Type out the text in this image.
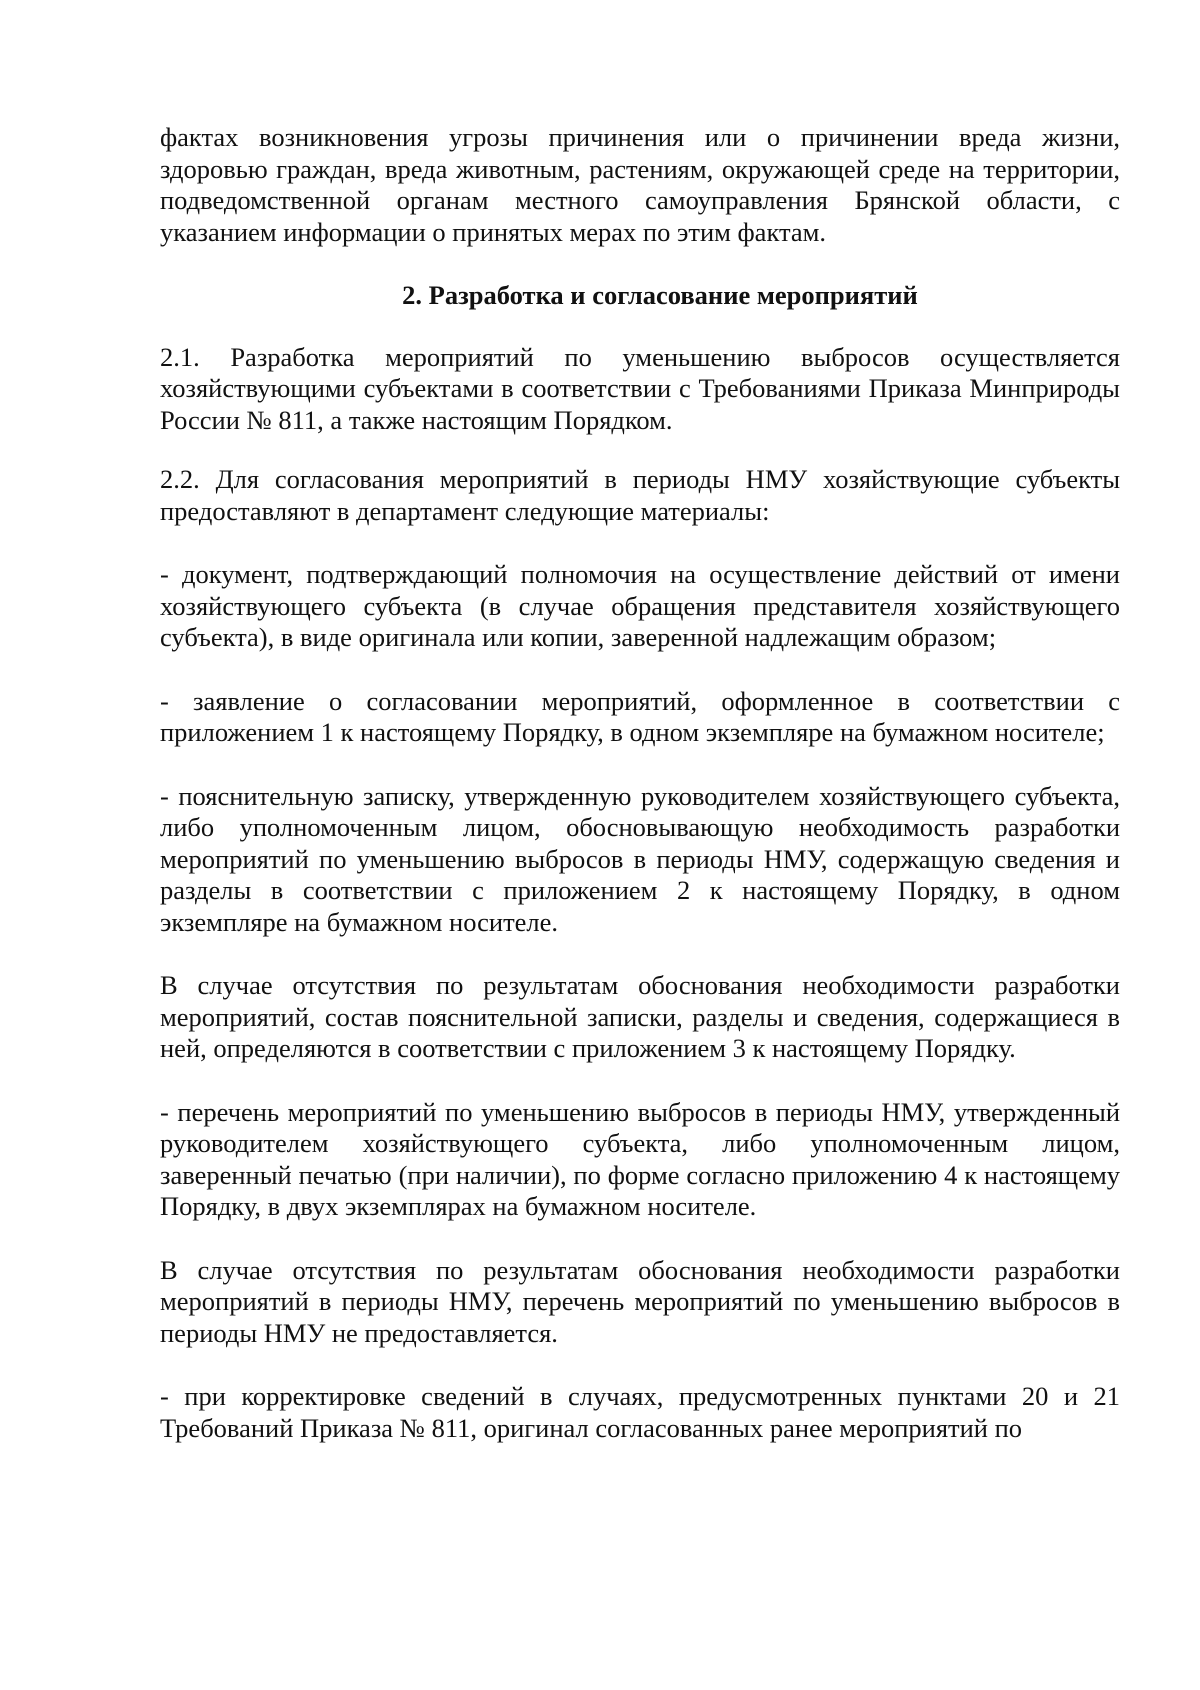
фактах возникновения угрозы причинения или о причинении вреда жизни, здоровью граждан, вреда животным, растениям, окружающей среде на территории, подведомственной органам местного самоуправления Брянской области, с указанием информации о принятых мерах по этим фактам.

2. Разработка и согласование мероприятий

2.1. Разработка мероприятий по уменьшению выбросов осуществляется хозяйствующими субъектами в соответствии с Требованиями Приказа Минприроды России № 811, а также настоящим Порядком.

2.2. Для согласования мероприятий в периоды НМУ хозяйствующие субъекты предоставляют в департамент следующие материалы:

- документ, подтверждающий полномочия на осуществление действий от имени хозяйствующего субъекта (в случае обращения представителя хозяйствующего субъекта), в виде оригинала или копии, заверенной надлежащим образом;

- заявление о согласовании мероприятий, оформленное в соответствии с приложением 1 к настоящему Порядку, в одном экземпляре на бумажном носителе;

- пояснительную записку, утвержденную руководителем хозяйствующего субъекта, либо уполномоченным лицом, обосновывающую необходимость разработки мероприятий по уменьшению выбросов в периоды НМУ, содержащую сведения и разделы в соответствии с приложением 2 к настоящему Порядку, в одном экземпляре на бумажном носителе.

В случае отсутствия по результатам обоснования необходимости разработки мероприятий, состав пояснительной записки, разделы и сведения, содержащиеся в ней, определяются в соответствии с приложением 3 к настоящему Порядку.

- перечень мероприятий по уменьшению выбросов в периоды НМУ, утвержденный руководителем хозяйствующего субъекта, либо уполномоченным лицом, заверенный печатью (при наличии), по форме согласно приложению 4 к настоящему Порядку, в двух экземплярах на бумажном носителе.

В случае отсутствия по результатам обоснования необходимости разработки мероприятий в периоды НМУ, перечень мероприятий по уменьшению выбросов в периоды НМУ не предоставляется.

- при корректировке сведений в случаях, предусмотренных пунктами 20 и 21 Требований Приказа № 811, оригинал согласованных ранее мероприятий по
